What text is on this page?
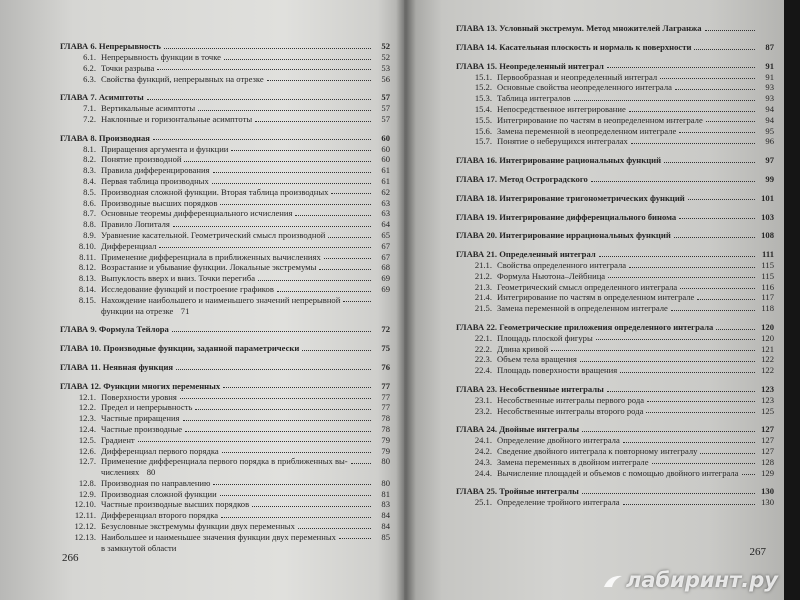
ГЛАВА 6. Непрерывность	52
6.1. Непрерывность функции в точке	52
6.2. Точки разрыва	53
6.3. Свойства функций, непрерывных на отрезке	56
ГЛАВА 7. Асимптоты	57
7.1. Вертикальные асимптоты	57
7.2. Наклонные и горизонтальные асимптоты	57
ГЛАВА 8. Производная	60
8.1. Приращения аргумента и функции	60
8.2. Понятие производной	60
8.3. Правила дифференцирования	61
8.4. Первая таблица производных	61
8.5. Производная сложной функции. Вторая таблица производных	62
8.6. Производные высших порядков	63
8.7. Основные теоремы дифференциального исчисления	63
8.8. Правило Лопиталя	64
8.9. Уравнение касательной. Геометрический смысл производной	65
8.10. Дифференциал	67
8.11. Применение дифференциала в приближенных вычислениях	67
8.12. Возрастание и убывание функции. Локальные экстремумы	68
8.13. Выпуклость вверх и вниз. Точки перегиба	69
8.14. Исследование функций и построение графиков	69
8.15. Нахождение наибольшего и наименьшего значений непрерывной
функции на отрезке 71
ГЛАВА 9. Формула Тейлора	72
ГЛАВА 10. Производные функции, заданной параметрически	75
ГЛАВА 11. Неявная функция	76
ГЛАВА 12. Функции многих переменных	77
12.1. Поверхности уровня	77
12.2. Предел и непрерывность	77
12.3. Частные приращения	78
12.4. Частные производные	78
12.5. Градиент	79
12.6. Дифференциал первого порядка	79
12.7. Применение дифференциала первого порядка в приближенных вы-	80
числениях 80
12.8. Производная по направлению	80
12.9. Производная сложной функции	81
12.10. Частные производные высших порядков	83
12.11. Дифференциал второго порядка	84
12.12. Безусловные экстремумы функции двух переменных	84
12.13. Наибольшее и наименьшее значения функции двух переменных	85
в замкнутой области
266
ГЛАВА 13. Условный экстремум. Метод множителей Лагранжа
ГЛАВА 14. Касательная плоскость и нормаль к поверхности	87
ГЛАВА 15. Неопределенный интеграл	91
15.1. Первообразная и неопределенный интеграл	91
15.2. Основные свойства неопределенного интеграла	93
15.3. Таблица интегралов	93
15.4. Непосредственное интегрирование	94
15.5. Интегрирование по частям в неопределенном интеграле	94
15.6. Замена переменной в неопределенном интеграле	95
15.7. Понятие о неберущихся интегралах	96
ГЛАВА 16. Интегрирование рациональных функций	97
ГЛАВА 17. Метод Остроградского	99
ГЛАВА 18. Интегрирование тригонометрических функций	101
ГЛАВА 19. Интегрирование дифференциального бинома	103
ГЛАВА 20. Интегрирование иррациональных функций	108
ГЛАВА 21. Определенный интеграл	111
21.1. Свойства определенного интеграла	115
21.2. Формула Ньютона–Лейбница	115
21.3. Геометрический смысл определенного интеграла	116
21.4. Интегрирование по частям в определенном интеграле	117
21.5. Замена переменной в определенном интеграле	118
ГЛАВА 22. Геометрические приложения определенного интеграла	120
22.1. Площадь плоской фигуры	120
22.2. Длина кривой	121
22.3. Объем тела вращения	122
22.4. Площадь поверхности вращения	122
ГЛАВА 23. Несобственные интегралы	123
23.1. Несобственные интегралы первого рода	123
23.2. Несобственные интегралы второго рода	125
ГЛАВА 24. Двойные интегралы	127
24.1. Определение двойного интеграла	127
24.2. Сведение двойного интеграла к повторному интегралу	127
24.3. Замена переменных в двойном интеграле	128
24.4. Вычисление площадей и объемов с помощью двойного интеграла	129
ГЛАВА 25. Тройные интегралы	130
25.1. Определение тройного интеграла	130
267
лабиринт.ру
